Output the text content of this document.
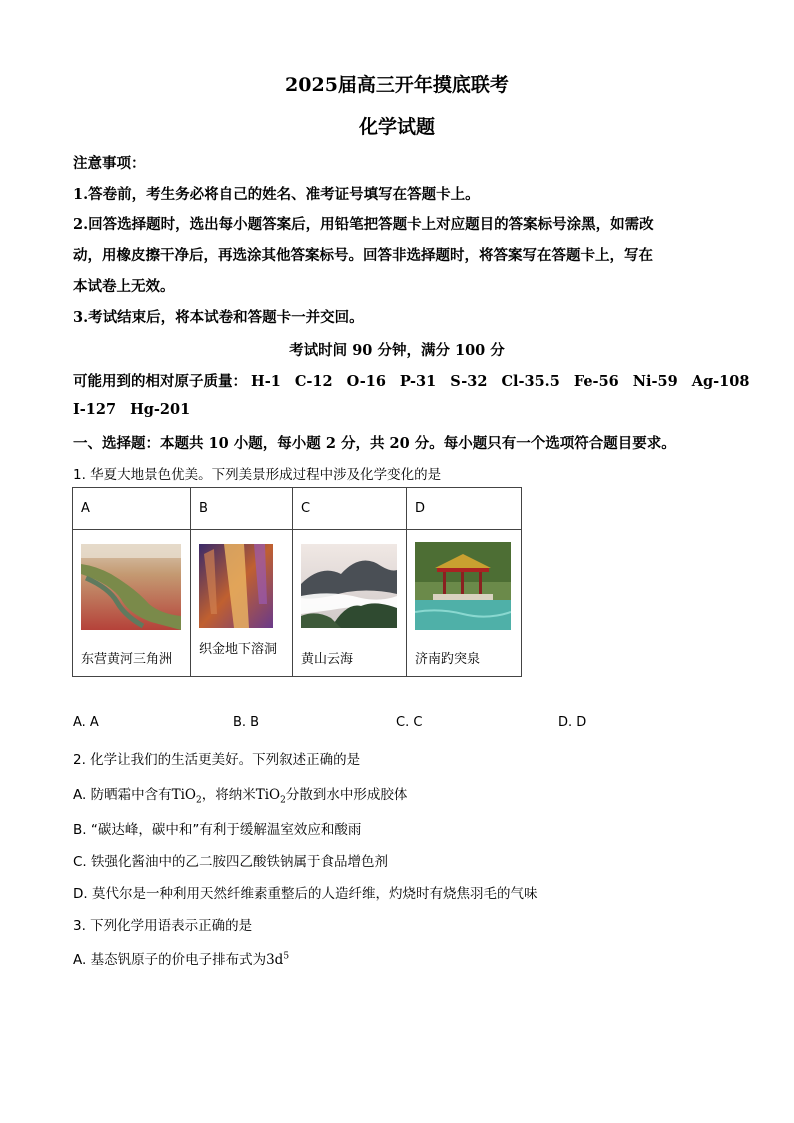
2025届高三开年摸底联考
化学试题
注意事项：
1.答卷前，考生务必将自己的姓名、准考证号填写在答题卡上。
2.回答选择题时，选出每小题答案后，用铅笔把答题卡上对应题目的答案标号涂黑，如需改
动，用橡皮擦干净后，再选涂其他答案标号。回答非选择题时，将答案写在答题卡上，写在
本试卷上无效。
3.考试结束后，将本试卷和答题卡一并交回。
考试时间 90 分钟，满分 100 分
可能用到的相对原子质量： H-1 C-12 O-16 P-31 S-32 Cl-35.5 Fe-56 Ni-59 Ag-108
I-127 Hg-201
一、选择题：本题共 10 小题，每小题 2 分，共 20 分。每小题只有一个选项符合题目要求。
1. 华夏大地景色优美。下列美景形成过程中涉及化学变化的是
A	B	C	D

东营黄河三角洲	织金地下溶洞	黄山云海	济南趵突泉
A. A	B. B	C. C	D. D
2. 化学让我们的生活更美好。下列叙述正确的是
A. 防晒霜中含有TiO$_2$，将纳米TiO$_2$分散到水中形成胶体
B. “碳达峰，碳中和”有利于缓解温室效应和酸雨
C. 铁强化酱油中的乙二胺四乙酸铁钠属于食品增色剂
D. 莫代尔是一种利用天然纤维素重整后的人造纤维，灼烧时有烧焦羽毛的气味
3. 下列化学用语表示正确的是
A. 基态钒原子的价电子排布式为$3d^5$
